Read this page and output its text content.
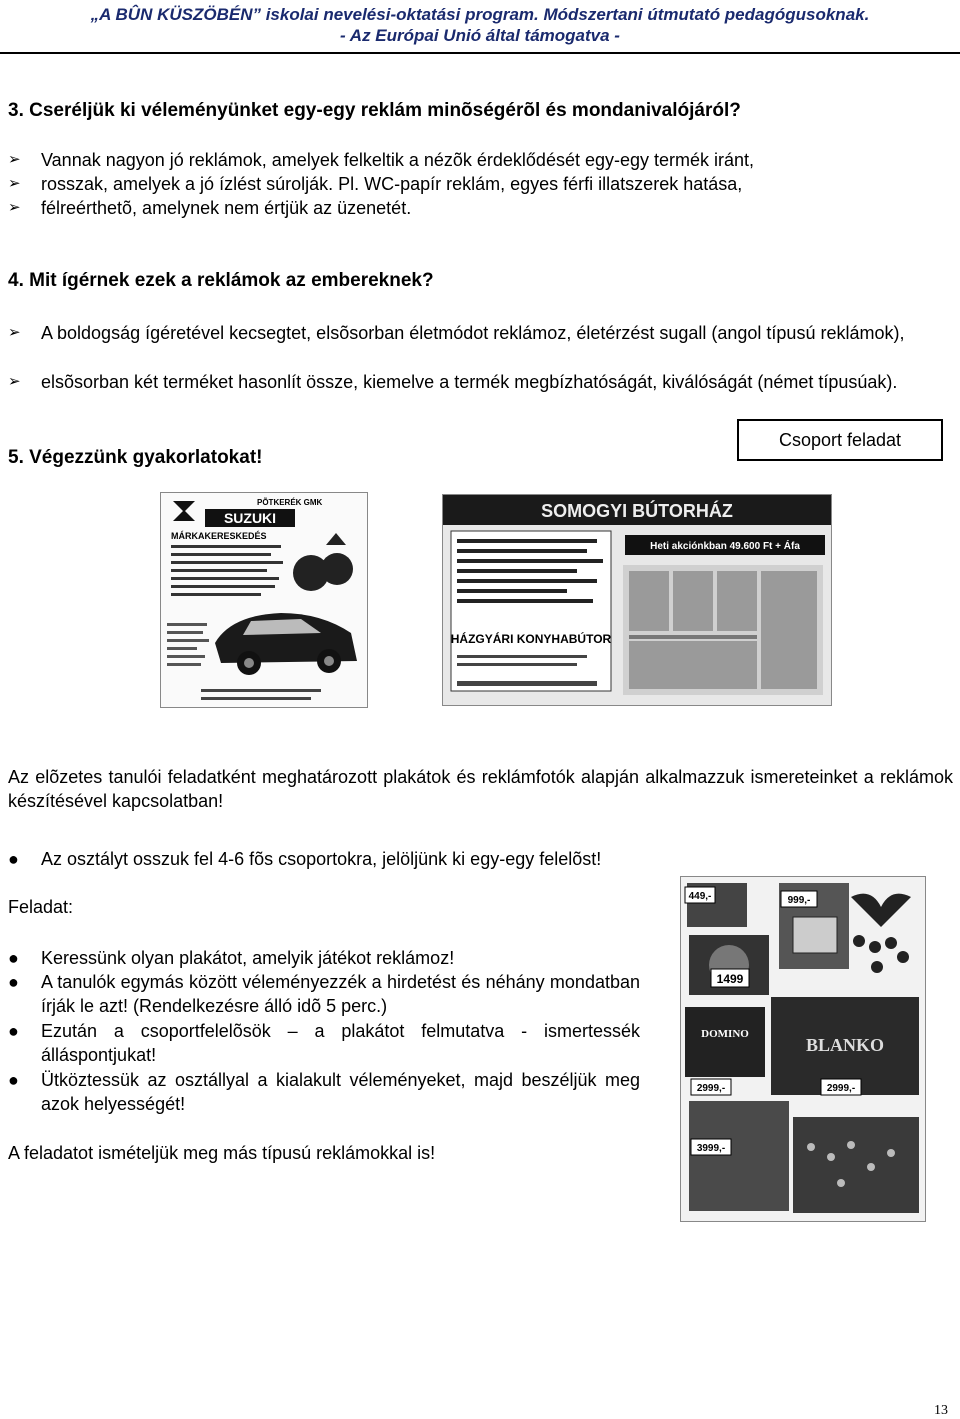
„A BÛN KÜSZÖBÉN” iskolai nevelési-oktatási program. Módszertani útmutató pedagógusoknak.
- Az Európai Unió által támogatva -
3. Cseréljük ki véleményünket egy-egy reklám minõségérõl és mondanivalójáról?
➢	Vannak nagyon jó reklámok, amelyek felkeltik a nézõk érdeklődését egy-egy termék iránt,
➢	rosszak, amelyek a jó ízlést súrolják. Pl. WC-papír reklám, egyes férfi illatszerek hatása,
➢	félreérthetõ, amelynek nem értjük az üzenetét.
4. Mit ígérnek ezek a reklámok az embereknek?
➢	A boldogság ígéretével kecsegtet, elsõsorban életmódot reklámoz, életérzést sugall (angol típusú reklámok),
➢	elsõsorban két terméket hasonlít össze, kiemelve a termék megbízhatóságát, kiválóságát (német típusúak).
Csoport feladat
5. Végezzünk gyakorlatokat!
PÕTKERÉK GMK
SUZUKI
MÁRKAKERESKEDÉS
SOMOGYI BÚTORHÁZ
Heti akciónkban 49.600 Ft + Áfa
HÁZGYÁRI KONYHABÚTOR
Az elõzetes tanulói feladatként meghatározott plakátok és reklámfotók alapján alkalmazzuk ismereteinket a reklámok készítésével kapcsolatban!
● Az osztályt osszuk fel 4-6 fõs csoportokra, jelöljünk ki egy-egy felelõst!
Feladat:
● Keressünk olyan plakátot, amelyik játékot reklámoz!
● A tanulók egymás között véleményezzék a hirdetést és néhány mondatban írják le azt! (Rendelkezésre álló idõ 5 perc.)
● Ezután a csoportfelelõsök – a plakátot felmutatva - ismertessék álláspontjukat!
● Ütköztessük az osztállyal a kialakult véleményeket, majd beszéljük meg azok helyességét!
A feladatot ismételjük meg más típusú reklámokkal is!
449,-	999,-
1499
DOMINO
BLANKO
2999,-	2999,-
3999,-
13
